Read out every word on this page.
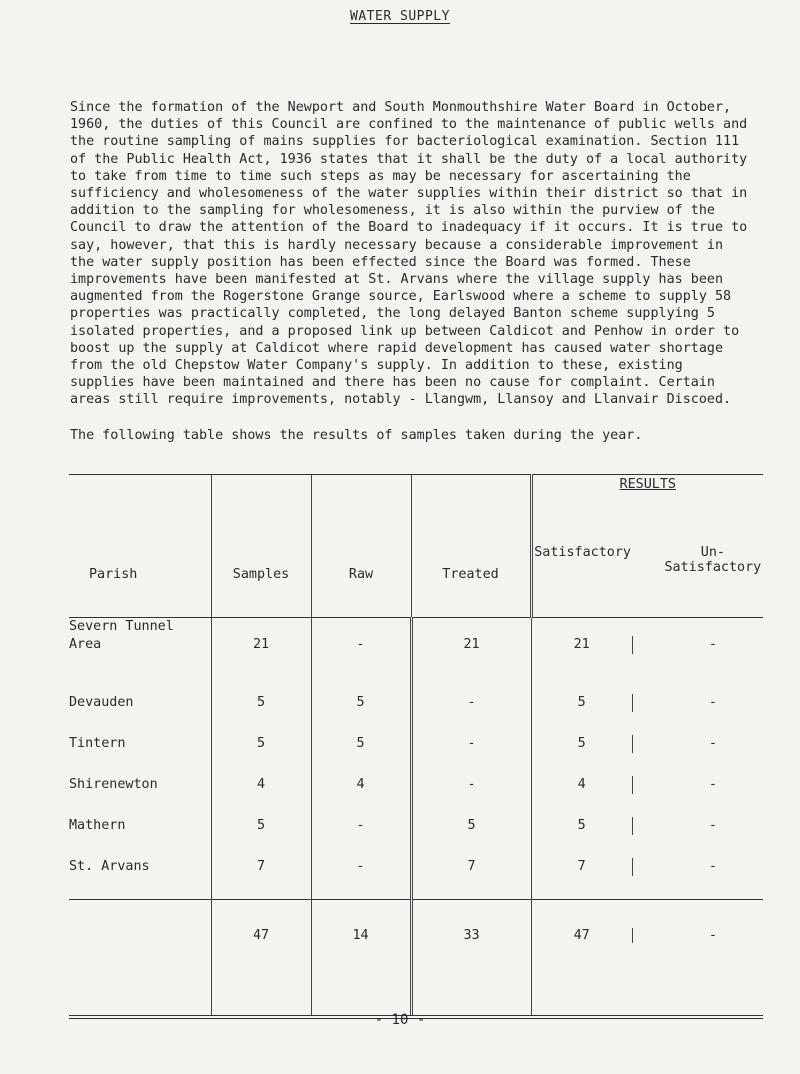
WATER SUPPLY

Since the formation of the Newport and South Monmouthshire Water Board in October, 1960, the duties of this Council are confined to the maintenance of public wells and the routine sampling of mains supplies for bacteriological examination. Section 111 of the Public Health Act, 1936 states that it shall be the duty of a local authority to take from time to time such steps as may be necessary for ascertaining the sufficiency and wholesomeness of the water supplies within their district so that in addition to the sampling for wholesomeness, it is also within the purview of the Council to draw the attention of the Board to inadequacy if it occurs. It is true to say, however, that this is hardly necessary because a considerable improvement in the water supply position has been effected since the Board was formed. These improvements have been manifested at St. Arvans where the village supply has been augmented from the Rogerstone Grange source, Earlswood where a scheme to supply 58 properties was practically completed, the long delayed Banton scheme supplying 5 isolated properties, and a proposed link up between Caldicot and Penhow in order to boost up the supply at Caldicot where rapid development has caused water shortage from the old Chepstow Water Company's supply. In addition to these, existing supplies have been maintained and there has been no cause for complaint. Certain areas still require improvements, notably - Llangwm, Llansoy and Llanvair Discoed.

The following table shows the results of samples taken during the year.

Parish	Samples	Raw	Treated	RESULTS
Satisfactory Un-Satisfactory

Severn Tunnel Area	21	-	21	21 -

Devauden	5	5	-	5 -

Tintern	5	5	-	5 -

Shirenewton	4	4	-	4 -

Mathern	5	-	5	5 -

St. Arvans	7	-	7	7 -

	47	14	33	47 -
- 10 -
